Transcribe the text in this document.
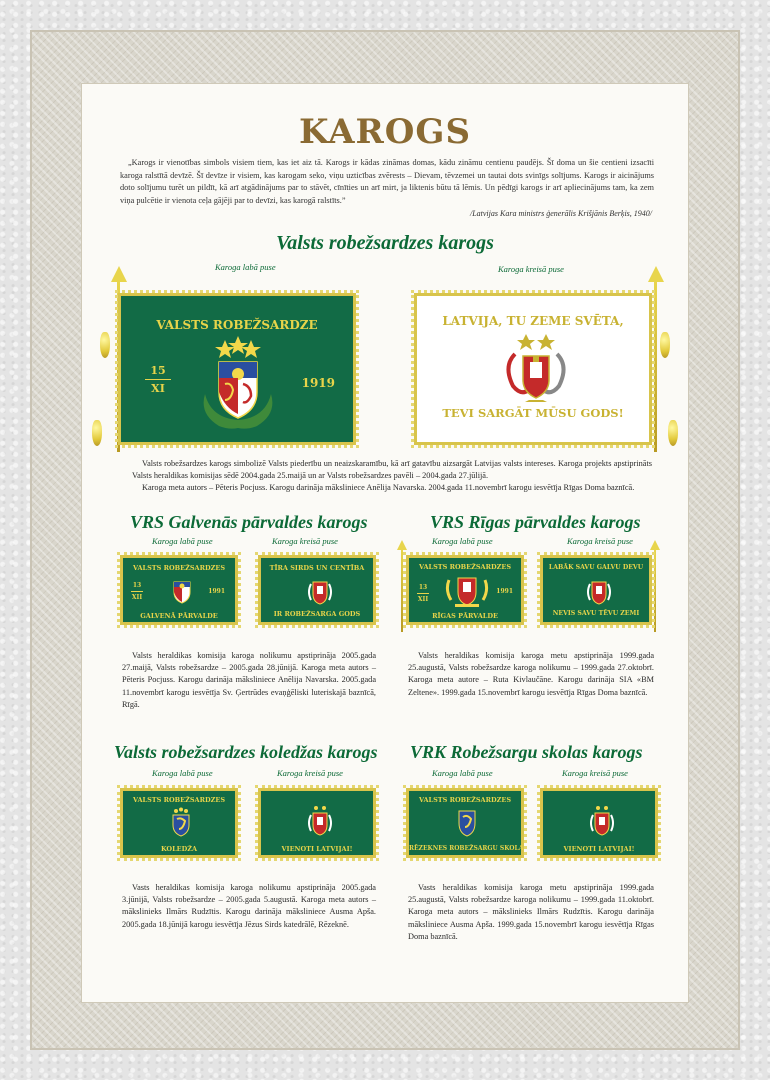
KAROGS
„Karogs ir vienotības simbols visiem tiem, kas iet aiz tā. Karogs ir kādas zināmas domas, kādu zināmu centienu paudējs. Šī doma un šie centieni izsacīti karoga ralstītā devīzē. Šī devīze ir visiem, kas karogam seko, viņu uzticības zvērests – Dievam, tēvzemei un tautai dots svinīgs solījums. Karogs ir aicinājums doto solījumu turēt un pildīt, kā arī atgādinājums par to stāvēt, cīnīties un arī mirt, ja liktenis būtu tā lēmis. Un pēdīgi karogs ir arī apliecinājums tam, ka zem viņa pulcētie ir vienota ceļa gājēji par to devīzi, kas karogā ralstīts.”
/Latvijas Kara ministrs ģenerālis Krišjānis Berķis, 1940/
Valsts robežsardzes karogs
Karoga labā puse	Karoga kreisā puse
VALSTS ROBEŽSARDZE
15
XI	1919
LATVIJA, TU ZEME SVĒTA,
TEVI SARGĀT MŪSU GODS!

Valsts robežsardzes karogs simbolizē Valsts piederību un neaizskaramību, kā arī gatavību aizsargāt Latvijas valsts intereses. Karoga projekts apstiprināts Valsts heraldikas komisijas sēdē 2004.gada 25.maijā un ar Valsts robežsardzes pavēli – 2004.gada 27.jūlijā.

Karoga meta autors – Pēteris Pocjuss. Karogu darināja māksliniece Anēlija Navarska. 2004.gada 11.novembrī karogu iesvētīja Rīgas Doma baznīcā.

VRS Galvenās pārvaldes karogs
Karoga labā puse	Karoga kreisā puse
VALSTS ROBEŽSARDZES
13
XII
1991
GALVENĀ PĀRVALDE
TĪRA SIRDS UN CENTĪBA
IR ROBEŽSARGA GODS

Valsts heraldikas komisija karoga nolikumu apstiprināja 2005.gada 27.maijā, Valsts robežsardze – 2005.gada 28.jūnijā. Karoga meta autors – Pēteris Pocjuss. Karogu darināja māksliniece Anēlija Navarska. 2005.gada 11.novembrī karogu iesvētīja Sv. Ģertrūdes evaņģēliski luteriskajā baznīcā, Rīgā.

VRS Rīgas pārvaldes karogs
Karoga labā puse	Karoga kreisā puse
VALSTS ROBEŽSARDZES
13
XII
1991
RĪGAS PĀRVALDE
LABĀK SAVU GALVU DEVU
NEVIS SAVU TĒVU ZEMI

Valsts heraldikas komisija karoga metu apstiprināja 1999.gada 25.augustā, Valsts robežsardze karoga nolikumu – 1999.gada 27.oktobrī. Karoga meta autore – Ruta Kivlaučāne. Karogu darināja SIA «BM Zeltene». 1999.gada 15.novembrī karogu iesvētīja Rīgas Doma baznīcā.

Valsts robežsardzes koledžas karogs
Karoga labā puse	Karoga kreisā puse
VALSTS ROBEŽSARDZES
KOLEDŽA	VIENOTI LATVIJAI!

Vasts heraldikas komisija karoga nolikumu apstiprināja 2005.gada 3.jūnijā, Valsts robežsardze – 2005.gada 5.augustā. Karoga meta autors – mākslinieks Ilmārs Rudzītis. Karogu darināja māksliniece Ausma Apša. 2005.gada 18.jūnijā karogu iesvētīja Jēzus Sirds katedrālē, Rēzeknē.

VRK Robežsargu skolas karogs
Karoga labā puse	Karoga kreisā puse
VALSTS ROBEŽSARDZES
RĒZEKNES ROBEŽSARGU SKOLA	VIENOTI LATVIJAI!

Vasts heraldikas komisija karoga metu apstiprināja 1999.gada 25.augustā, Valsts robežsardze karoga nolikumu – 1999.gada 11.oktobrī. Karoga meta autors – mākslinieks Ilmārs Rudzītis. Karogu darināja māksliniece Ausma Apša. 1999.gada 15.novembrī karogu iesvētīja Rīgas Doma baznīcā.
